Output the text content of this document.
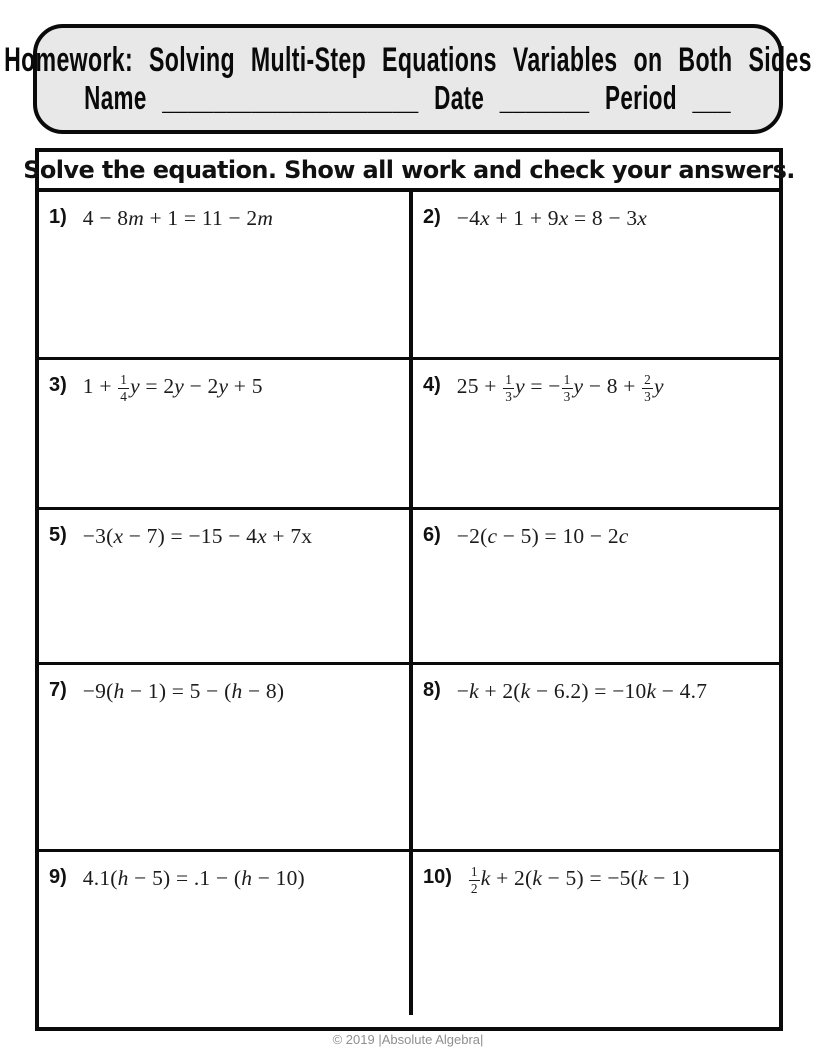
Homework: Solving Multi-Step Equations Variables on Both Sides
Name ____________________ Date _______ Period ___
Solve the equation. Show all work and check your answers.
1) 4 − 8m + 1 = 11 − 2m	2) −4x + 1 + 9x = 8 − 3x
3) $1 + \frac{1}{4}$ y = 2y − 2y + 5	4) $25 + \frac{1}{3}$ y = − $\frac{1}{3}$ $y - 8 + \frac{2}{3}$ y
5) −3(x − 7) = −15 − 4x + 7x	6) −2(c − 5) = 10 − 2c
7) −9(h − 1) = 5 − (h − 8)	8) −k + 2(k − 6.2) = −10k − 4.7
9) 4.1(h − 5) = .1 − (h − 10)	$10) \frac{1}{2}$ k + 2(k − 5) = −5(k − 1)
© 2019 |Absolute Algebra|
